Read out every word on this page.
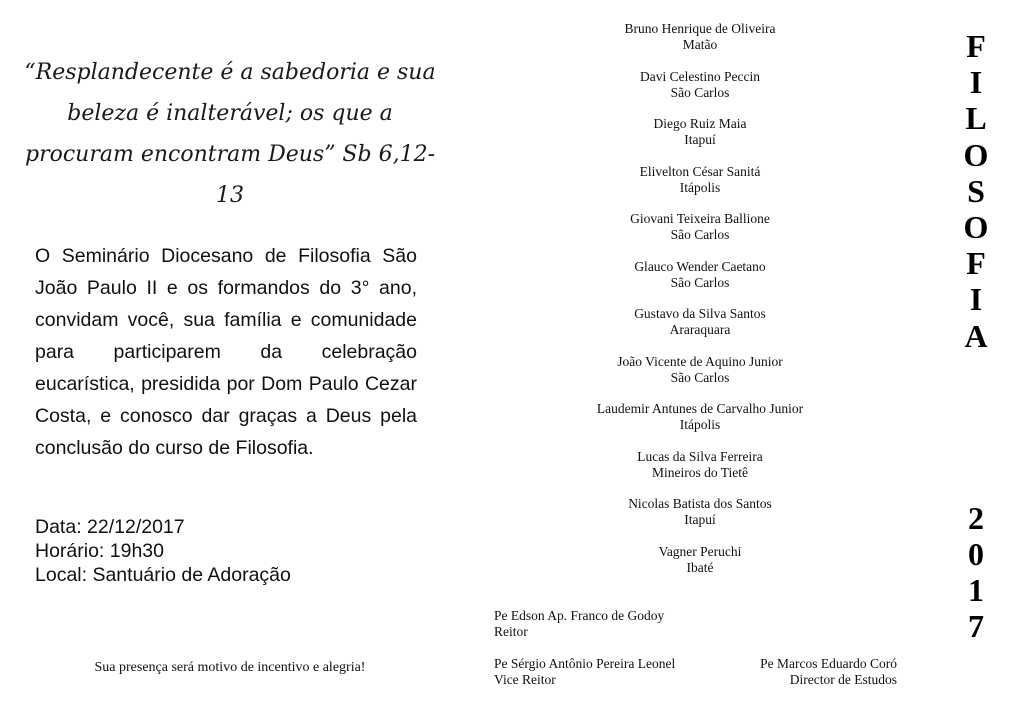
“Resplandecente é a sabedoria e sua beleza é inalterável; os que a procuram encontram Deus” Sb 6,12-13
O Seminário Diocesano de Filosofia São João Paulo II e os formandos do 3° ano, convidam você, sua família e comunidade para participarem da celebração eucarística, presidida por Dom Paulo Cezar Costa, e conosco dar graças a Deus pela conclusão do curso de Filosofia.
Data: 22/12/2017
Horário: 19h30
Local: Santuário de Adoração
Sua presença será motivo de incentivo e alegria!
Bruno Henrique de Oliveira
Matão
Davi Celestino Peccin
São Carlos
Diego Ruiz Maia
Itapuí
Elivelton César Sanitá
Itápolis
Giovani Teixeira Ballione
São Carlos
Glauco Wender Caetano
São Carlos
Gustavo da Silva Santos
Araraquara
João Vicente de Aquino Junior
São Carlos
Laudemir Antunes de Carvalho Junior
Itápolis
Lucas da Silva Ferreira
Mineiros do Tietê
Nicolas Batista dos Santos
Itapuí
Vagner Peruchi
Ibaté
Pe Edson Ap. Franco de Godoy
Reitor
Pe Sérgio Antônio Pereira Leonel
Vice Reitor
Pe Marcos Eduardo Coró
Director de Estudos
F
I
L
O
S
O
F
I
A
2
0
1
7
